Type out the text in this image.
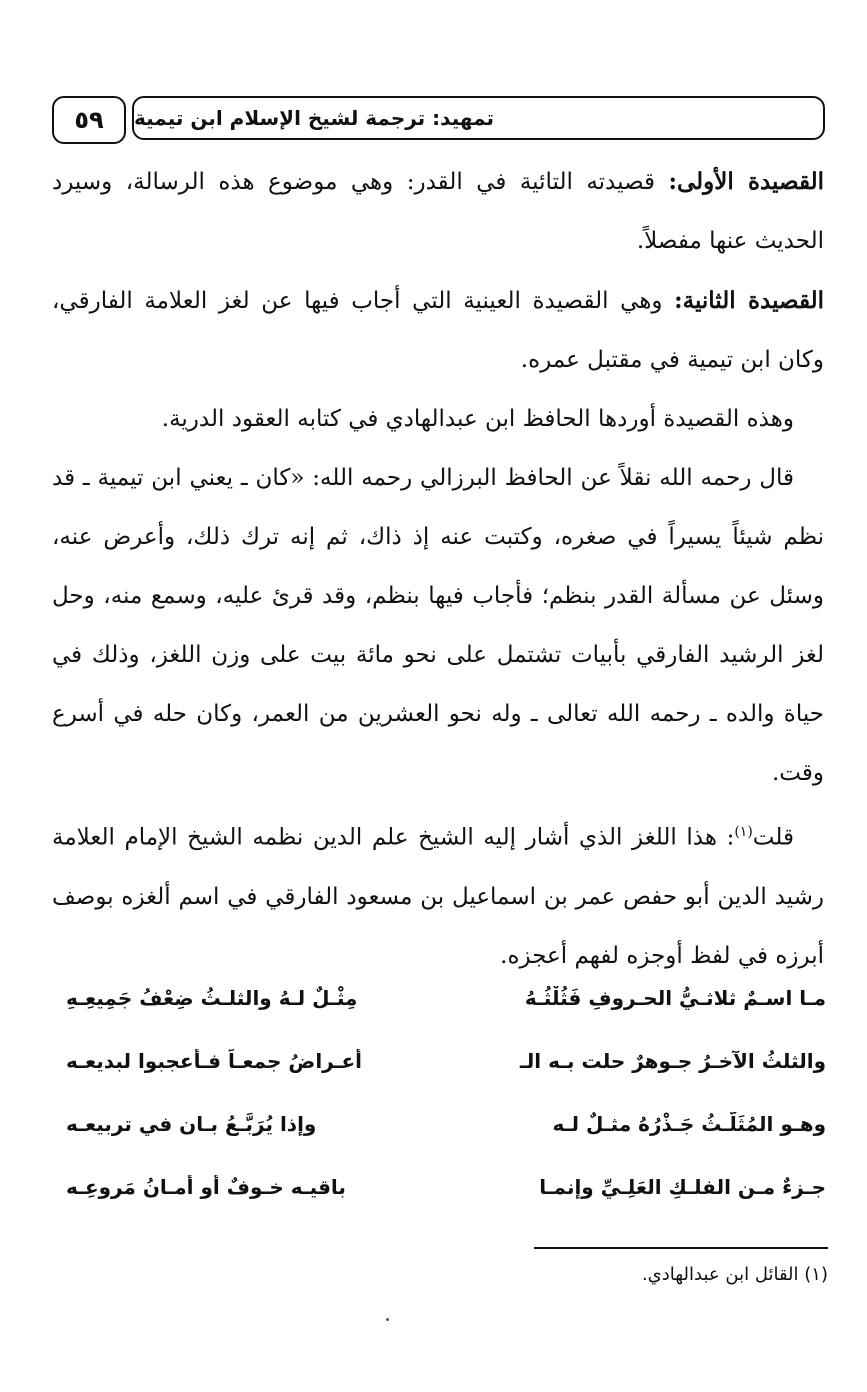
٥٩	تمهيد: ترجمة لشيخ الإسلام ابن تيمية

القصيدة الأولى: قصيدته التائية في القدر: وهي موضوع هذه الرسالة، وسيرد الحديث عنها مفصلاً.

القصيدة الثانية: وهي القصيدة العينية التي أجاب فيها عن لغز العلامة الفارقي، وكان ابن تيمية في مقتبل عمره.

وهذه القصيدة أوردها الحافظ ابن عبدالهادي في كتابه العقود الدرية.

قال رحمه الله نقلاً عن الحافظ البرزالي رحمه الله: «كان ـ يعني ابن تيمية ـ قد نظم شيئاً يسيراً في صغره، وكتبت عنه إذ ذاك، ثم إنه ترك ذلك، وأعرض عنه، وسئل عن مسألة القدر بنظم؛ فأجاب فيها بنظم، وقد قرئ عليه، وسمع منه، وحل لغز الرشيد الفارقي بأبيات تشتمل على نحو مائة بيت على وزن اللغز، وذلك في حياة والده ـ رحمه الله تعالى ـ وله نحو العشرين من العمر، وكان حله في أسرع وقت.

قلت$^{(١)}$: هذا اللغز الذي أشار إليه الشيخ علم الدين نظمه الشيخ الإمام العلامة رشيد الدين أبو حفص عمر بن اسماعيل بن مسعود الفارقي في اسم ألغزه بوصف أبرزه في لفظ أوجزه لفهم أعجزه.

مـا اسـمٌ ثلاثـيُّ الحـروفِ فَثُلْثُـهُ
مِثْـلٌ لـهُ والثلـثُ ضِعْفُ جَمِيعِـهِ
والثلثُ الآخـرُ جـوهرٌ حلت بـه الـ
أعـراضُ جمعـاً فـأعجبوا لبديعـه
وهـو المُثَلَّـثُ جَـذْرُهُ مثـلٌ لـه
وإذا يُرَبَّـعُ بـان في تربيعـه
جـزءٌ مـن الفلـكِ العَلِـيِّ وإنمـا
باقيـه خـوفٌ أو أمـانُ مَروعِـه
(١) القائل ابن عبدالهادي.
